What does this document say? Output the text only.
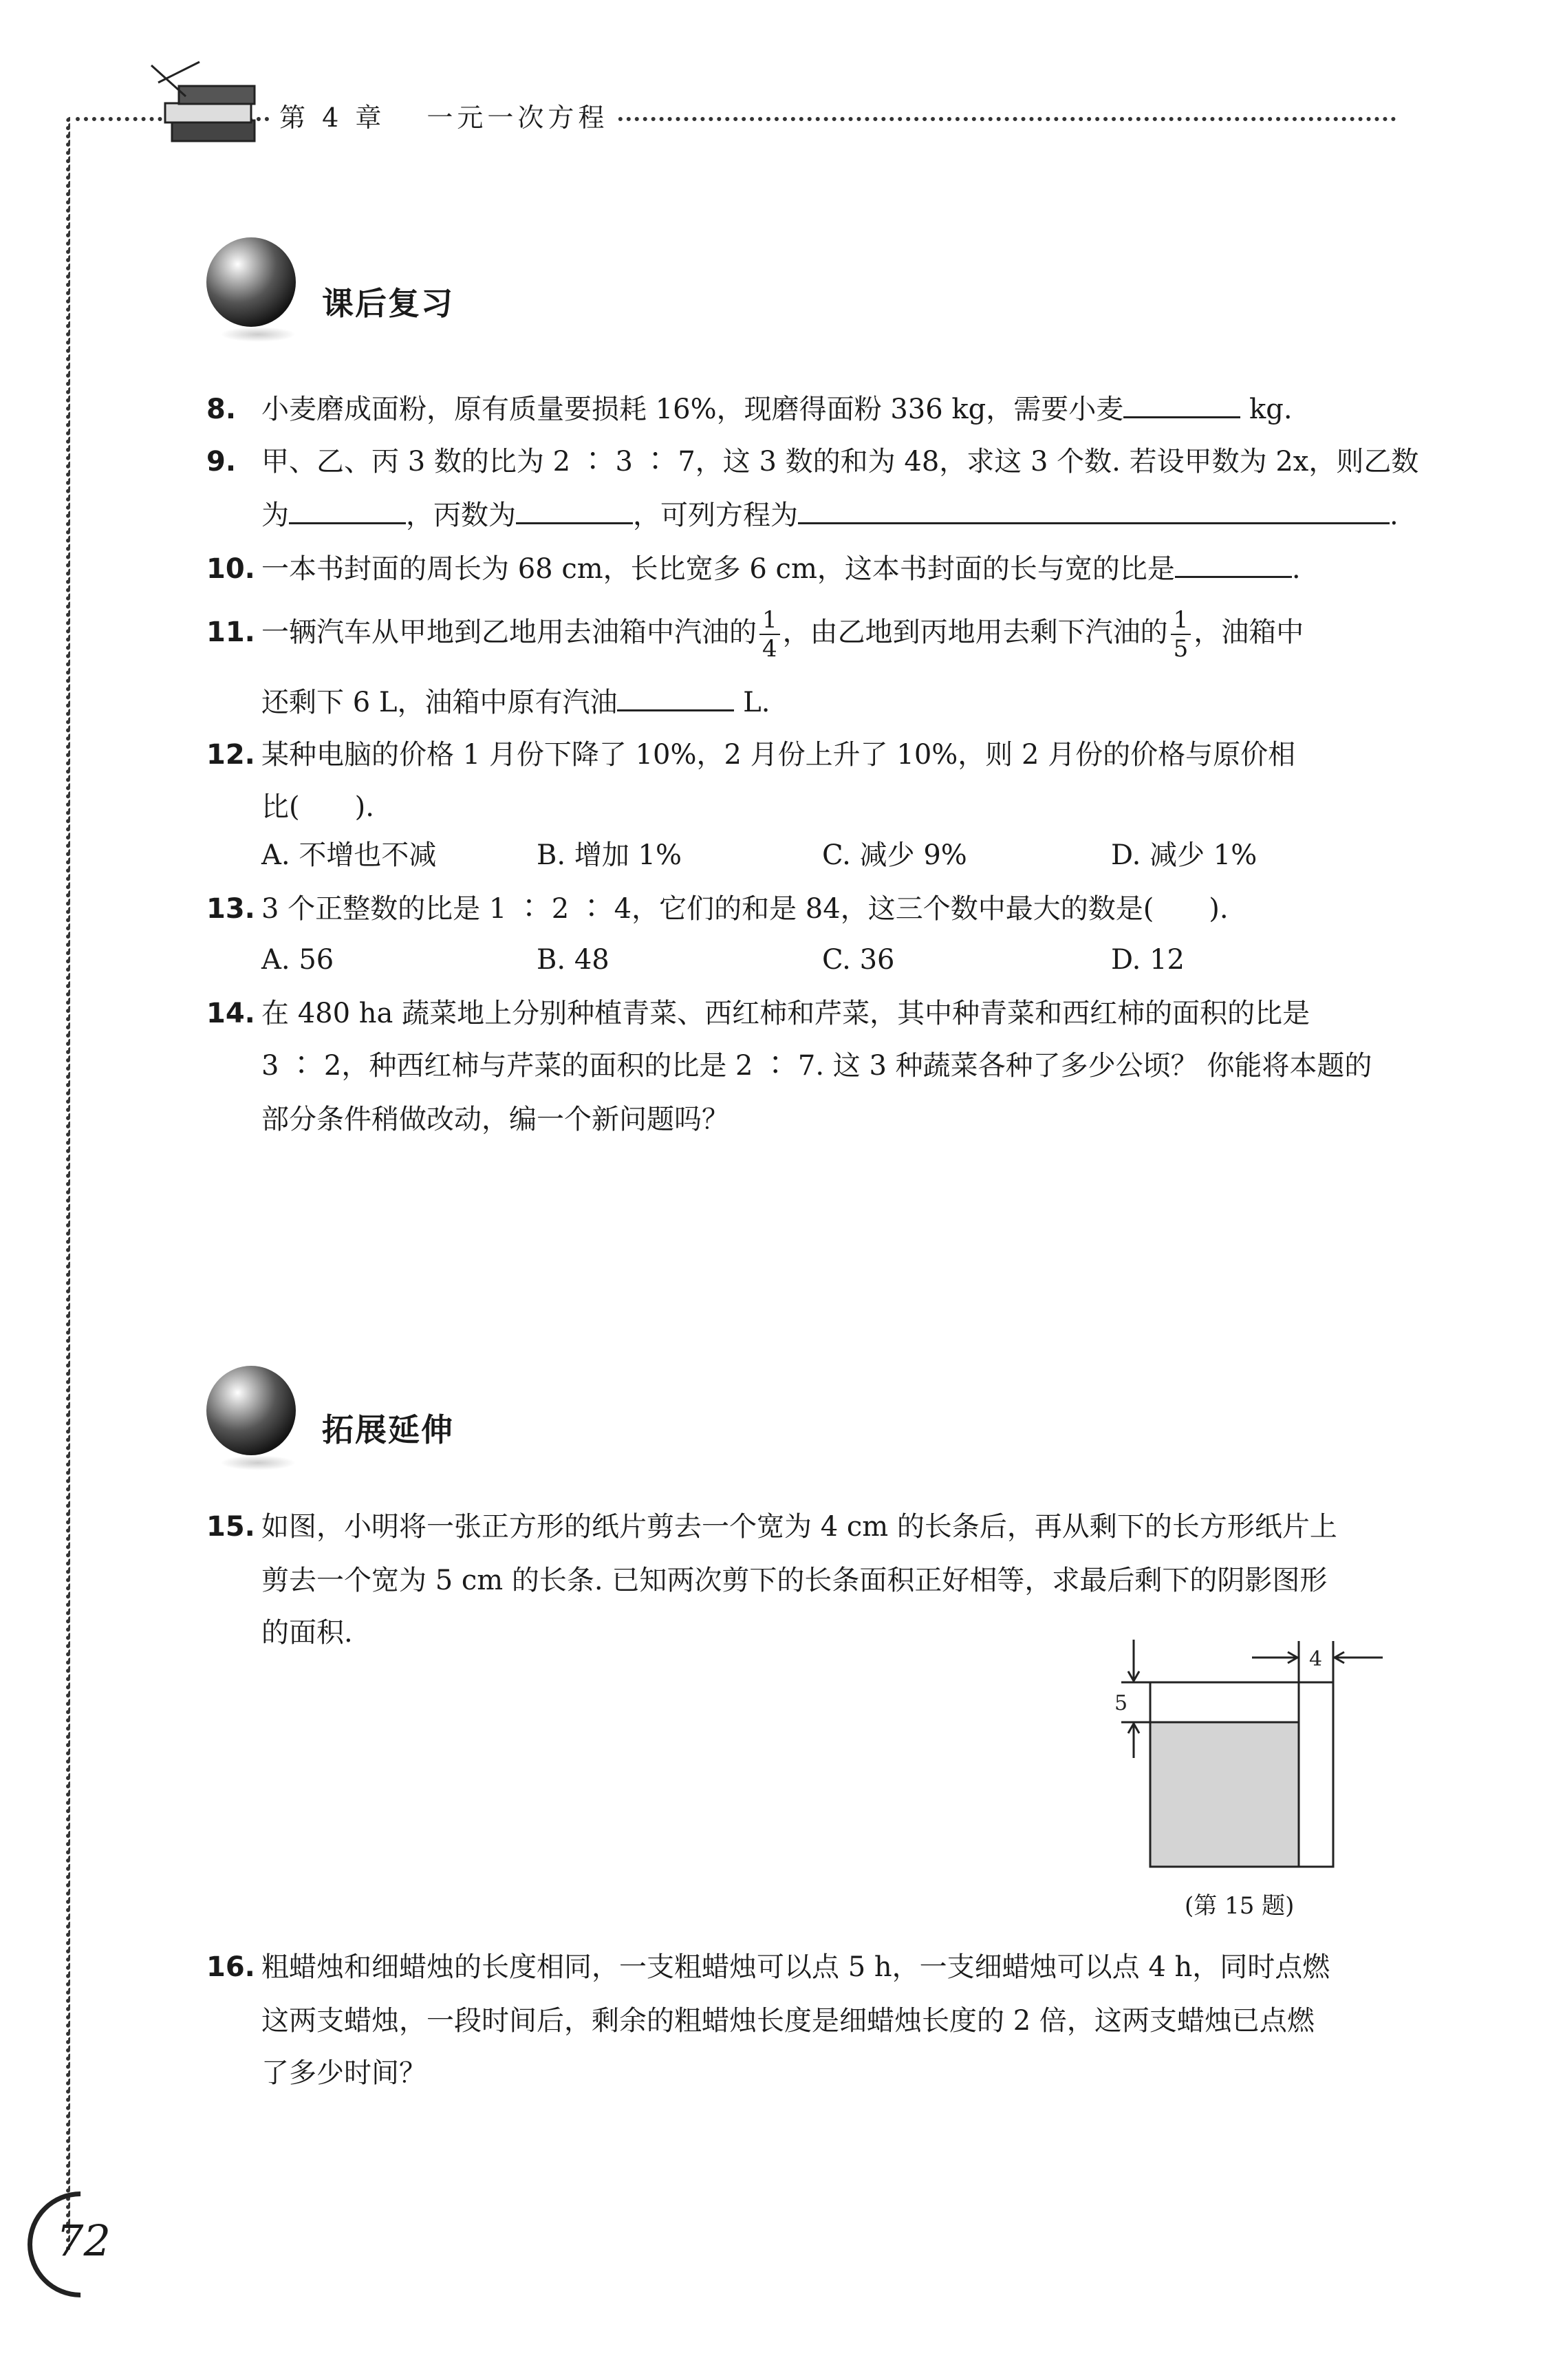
第 4 章 一元一次方程
课后复习
8. 小麦磨成面粉，原有质量要损耗 16%，现磨得面粉 336 kg，需要小麦	kg.
9. 甲、乙、丙 3 数的比为 2 ∶ 3 ∶ 7，这 3 数的和为 48，求这 3 个数. 若设甲数为 2x，则乙数
为	，丙数为	，可列方程为	.
10. 一本书封面的周长为 68 cm，长比宽多 6 cm，这本书封面的长与宽的比是	.
11. 一辆汽车从甲地到乙地用去油箱中汽油的 $\frac{1}{4}$ ，由乙地到丙地用去剩下汽油的 $\frac{1}{5}$ ，油箱中
还剩下 6 L，油箱中原有汽油	L.
12. 某种电脑的价格 1 月份下降了 10%，2 月份上升了 10%，则 2 月份的价格与原价相
比(　　).
A. 不增也不减	B. 增加 1%	C. 减少 9%	D. 减少 1%
13. 3 个正整数的比是 1 ∶ 2 ∶ 4，它们的和是 84，这三个数中最大的数是(　　).
A. 56	B. 48	C. 36	D. 12
14. 在 480 ha 蔬菜地上分别种植青菜、西红柿和芹菜，其中种青菜和西红柿的面积的比是
3 ∶ 2，种西红柿与芹菜的面积的比是 2 ∶ 7. 这 3 种蔬菜各种了多少公顷？ 你能将本题的
部分条件稍做改动，编一个新问题吗？
拓展延伸
15. 如图，小明将一张正方形的纸片剪去一个宽为 4 cm 的长条后，再从剩下的长方形纸片上
剪去一个宽为 5 cm 的长条. 已知两次剪下的长条面积正好相等，求最后剩下的阴影图形
的面积.
4
5
(第 15 题)
16. 粗蜡烛和细蜡烛的长度相同，一支粗蜡烛可以点 5 h，一支细蜡烛可以点 4 h，同时点燃
这两支蜡烛，一段时间后，剩余的粗蜡烛长度是细蜡烛长度的 2 倍，这两支蜡烛已点燃
了多少时间？
72
